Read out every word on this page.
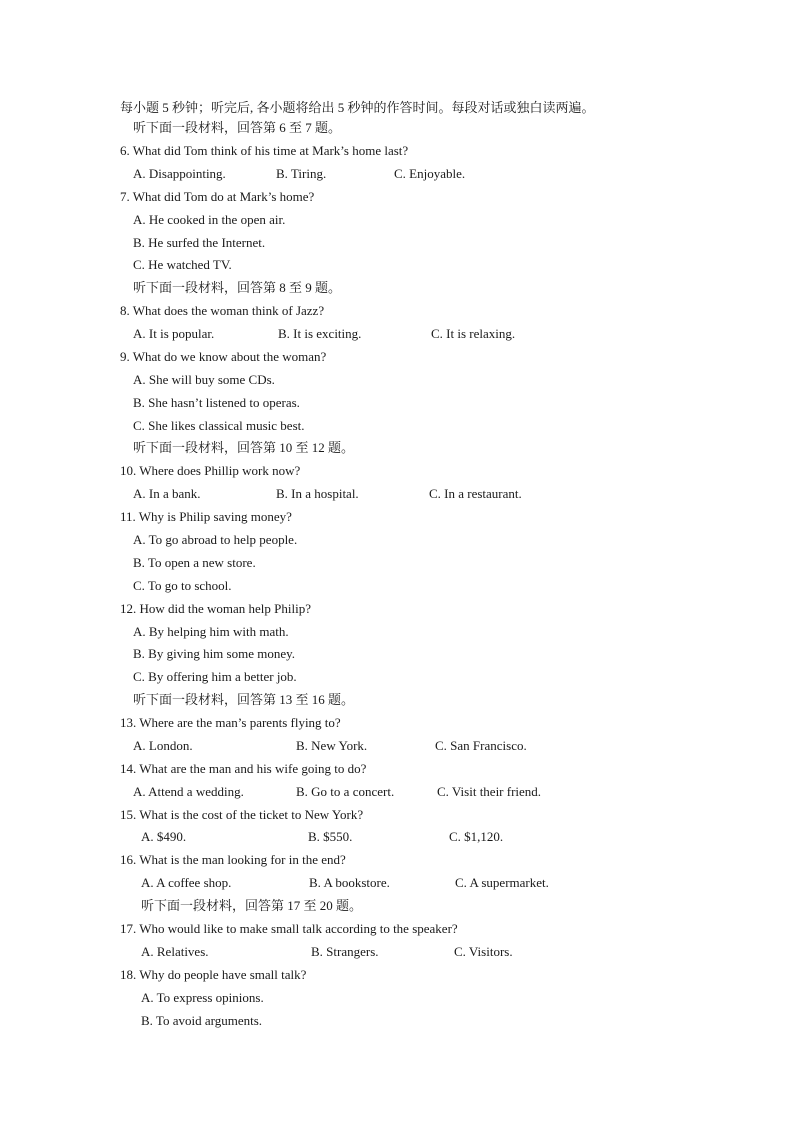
每小题 5 秒钟；听完后, 各小题将给出 5 秒钟的作答时间。每段对话或独白读两遍。
听下面一段材料，回答第 6 至 7 题。
6. What did Tom think of his time at Mark’s home last?
A. Disappointing.	B. Tiring.	C. Enjoyable.
7. What did Tom do at Mark’s home?
A. He cooked in the open air.
B. He surfed the Internet.
C. He watched TV.
听下面一段材料，回答第 8 至 9 题。
8. What does the woman think of Jazz?
A. It is popular.	B. It is exciting.	C. It is relaxing.
9. What do we know about the woman?
A. She will buy some CDs.
B. She hasn’t listened to operas.
C. She likes classical music best.
听下面一段材料，回答第 10 至 12 题。
10. Where does Phillip work now?
A. In a bank.	B. In a hospital.	C. In a restaurant.
11. Why is Philip saving money?
A. To go abroad to help people.
B. To open a new store.
C. To go to school.
12. How did the woman help Philip?
A. By helping him with math.
B. By giving him some money.
C. By offering him a better job.
听下面一段材料，回答第 13 至 16 题。
13. Where are the man’s parents flying to?
A. London.	B. New York.	C. San Francisco.
14. What are the man and his wife going to do?
A. Attend a wedding.	B. Go to a concert.	C. Visit their friend.
15. What is the cost of the ticket to New York?
A. $490.	B. $550.	C. $1,120.
16. What is the man looking for in the end?
A. A coffee shop.	B. A bookstore.	C. A supermarket.
听下面一段材料，回答第 17 至 20 题。
17. Who would like to make small talk according to the speaker?
A. Relatives.	B. Strangers.	C. Visitors.
18. Why do people have small talk?
A. To express opinions.
B. To avoid arguments.
